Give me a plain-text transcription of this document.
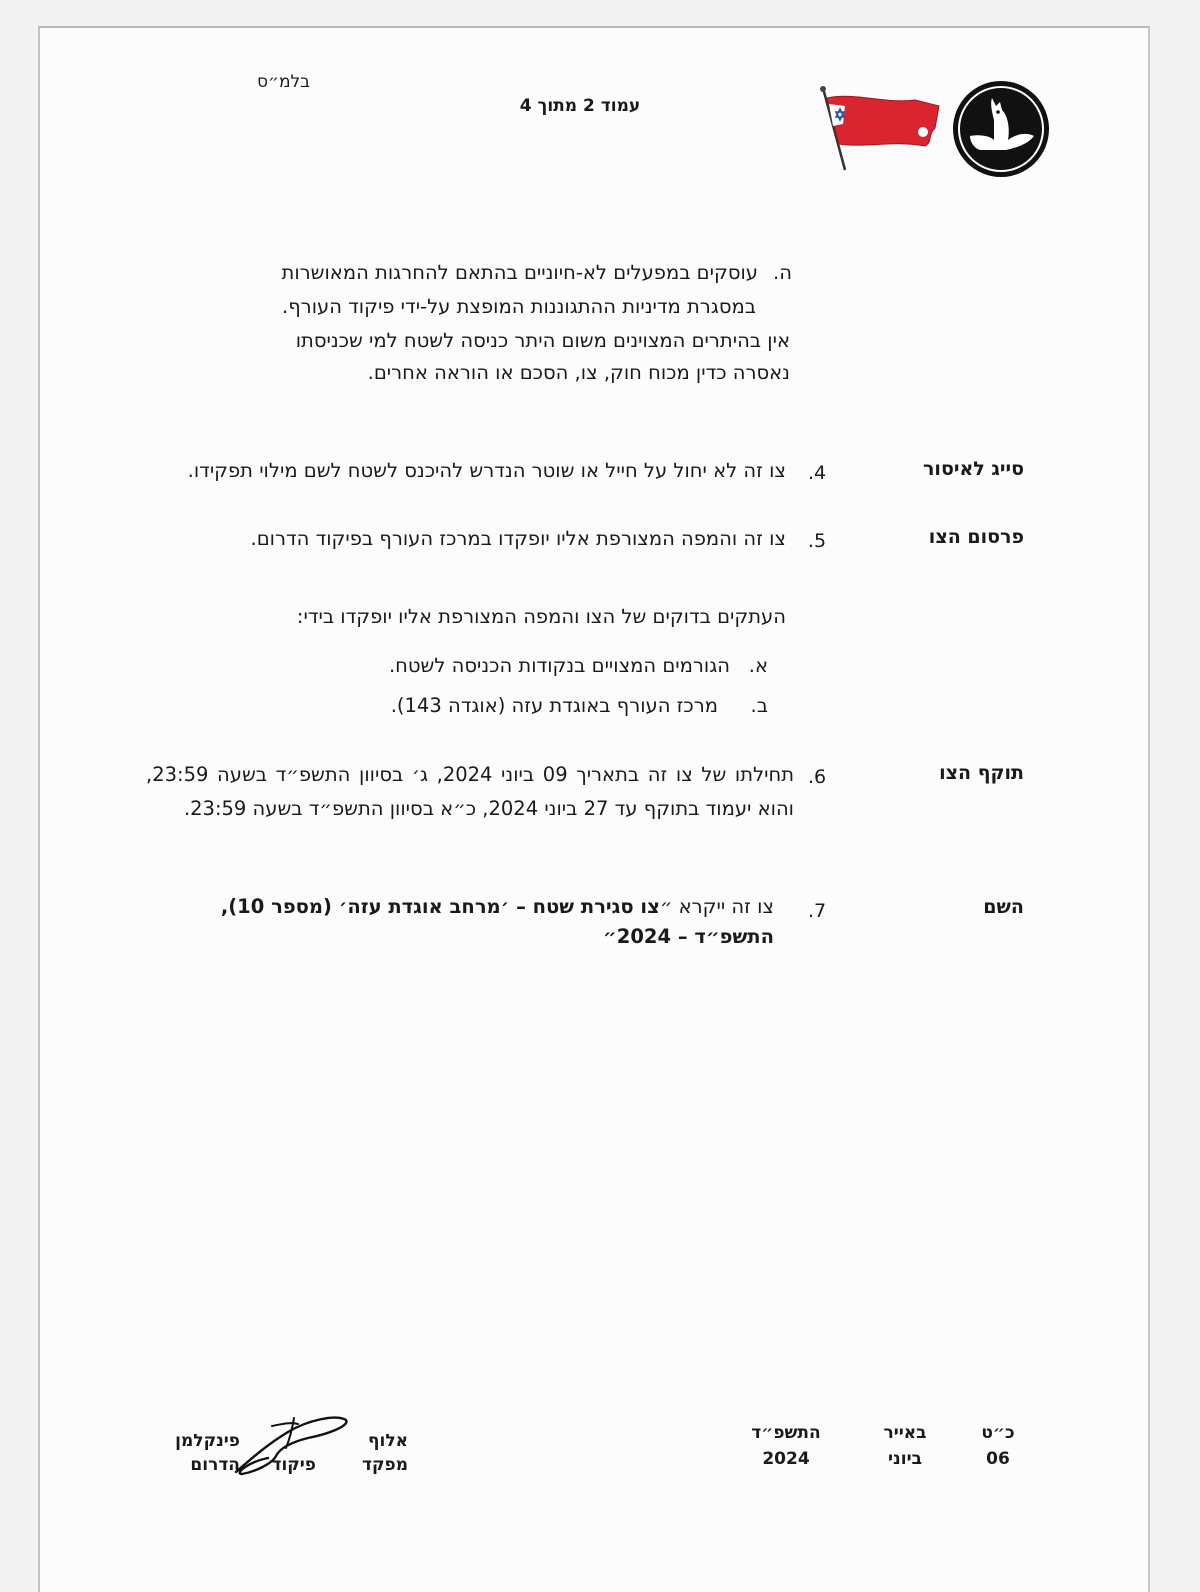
בלמ״ס
עמוד 2 מתוך 4
ה.
עוסקים במפעלים לא-חיוניים בהתאם להחרגות המאושרות
במסגרת מדיניות ההתגוננות המופצת על-ידי פיקוד העורף.
אין בהיתרים המצוינים משום היתר כניסה לשטח למי שכניסתו
נאסרה כדין מכוח חוק, צו, הסכם או הוראה אחרים.
סייג לאיסור
4.
צו זה לא יחול על חייל או שוטר הנדרש להיכנס לשטח לשם מילוי תפקידו.
פרסום הצו
5.
צו זה והמפה המצורפת אליו יופקדו במרכז העורף בפיקוד הדרום.
העתקים בדוקים של הצו והמפה המצורפת אליו יופקדו בידי:
א.
הגורמים המצויים בנקודות הכניסה לשטח.
ב.
מרכז העורף באוגדת עזה (אוגדה 143).
תוקף הצו
6.
תחילתו של צו זה בתאריך 09 ביוני 2024, ג׳ בסיוון התשפ״ד בשעה 23:59, והוא יעמוד בתוקף עד 27 ביוני 2024, כ״א בסיוון התשפ״ד בשעה 23:59.
השם
7.
צו זה ייקרא ״צו סגירת שטח – ׳מרחב אוגדת עזה׳ (מספר 10), התשפ״ד – 2024״
כ״ט
באייר
התשפ״ד
06
ביוני
2024
אלוף
מפקד
פינקלמן
פיקוד
הדרום
